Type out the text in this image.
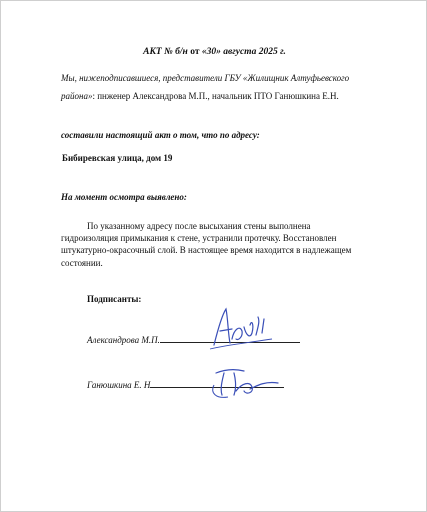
АКТ № б/н от «30» августа 2025 г.
Мы, нижеподписавшиеся, представители ГБУ «Жилищник Алтуфьевского
района»: пнженер Александрова М.П., начальник ПТО Ганюшкина Е.Н.
составили настоящий акт о том, что по адресу:
Бибиревская улица, дом 19
На момент осмотра выявлено:
По указанному адресу после высыхания стены выполнена
гидроизоляция примыкания к стене, устранили протечку. Восстановлен
штукатурно-окрасочный слой. В настоящее время находится в надлежащем
состоянии.
Подписанты:
Александрова М.П.
Ганюшкина Е. Н
